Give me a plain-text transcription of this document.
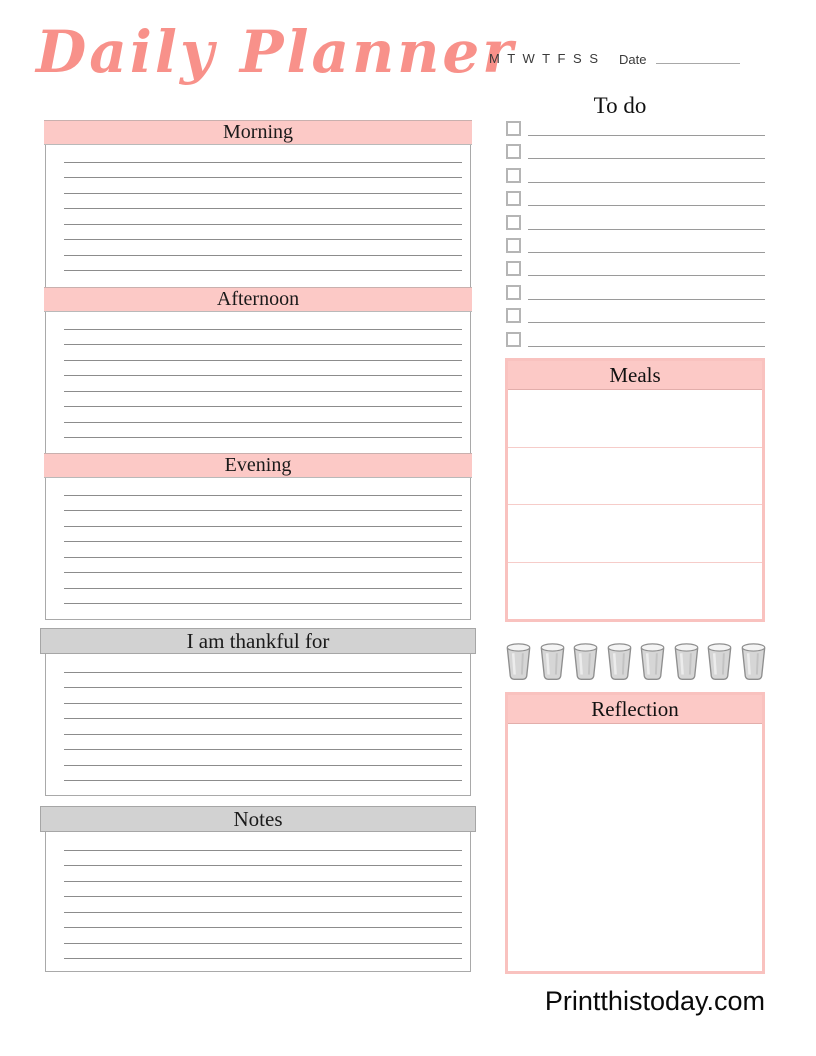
Daily Planner
M T W T F S S Date
Morning
Afternoon
Evening
I am thankful for
Notes
To do
Meals
Reflection
Printthistoday.com
